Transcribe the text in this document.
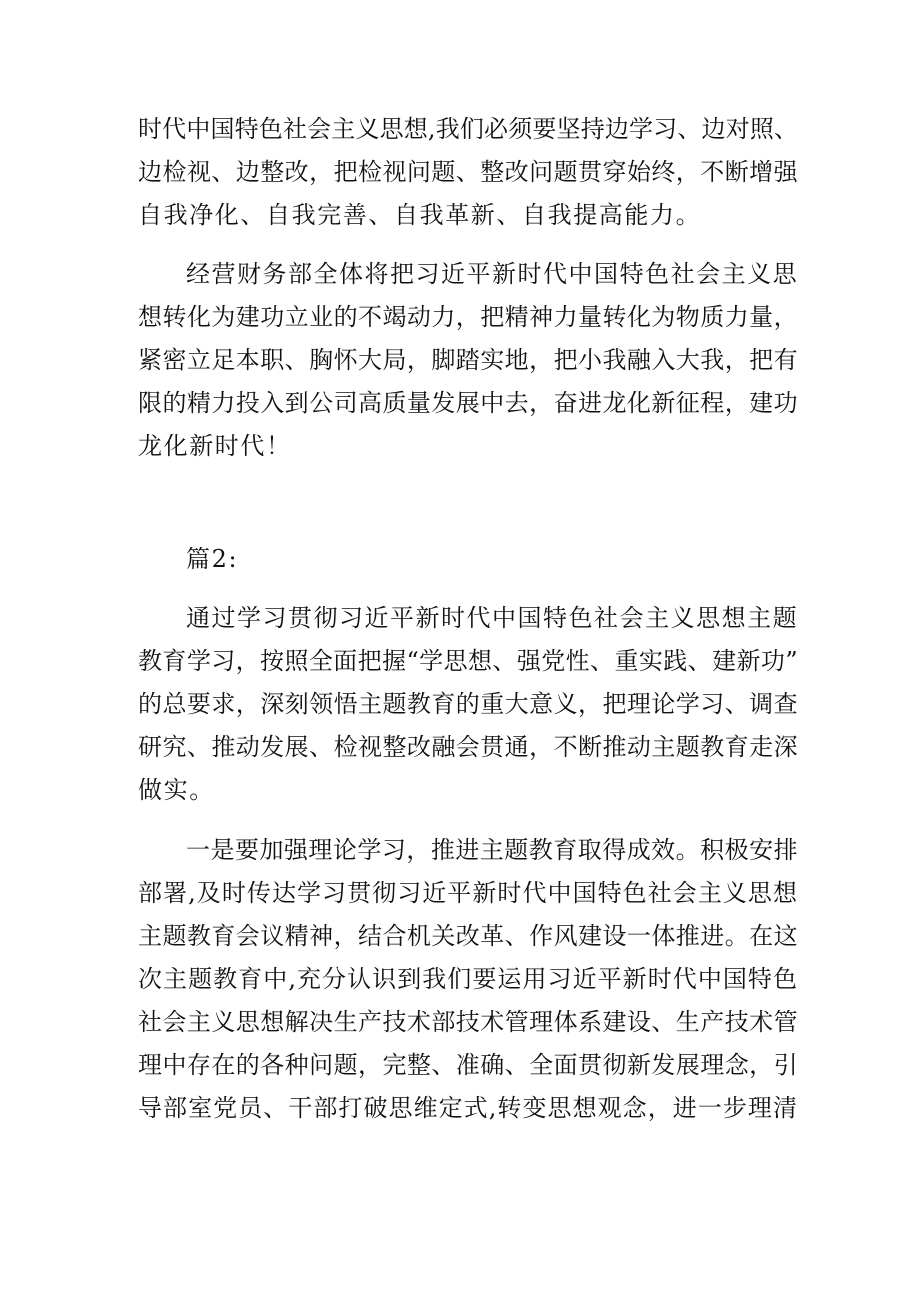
时代中国特色社会主义思想,我们必须要坚持边学习、边对照、
边检视、边整改，把检视问题、整改问题贯穿始终，不断增强
自我净化、自我完善、自我革新、自我提高能力。
经营财务部全体将把习近平新时代中国特色社会主义思
想转化为建功立业的不竭动力，把精神力量转化为物质力量，
紧密立足本职、胸怀大局，脚踏实地，把小我融入大我，把有
限的精力投入到公司高质量发展中去，奋进龙化新征程，建功
龙化新时代！
篇2:
通过学习贯彻习近平新时代中国特色社会主义思想主题
教育学习，按照全面把握“学思想、强党性、重实践、建新功”
的总要求，深刻领悟主题教育的重大意义，把理论学习、调查
研究、推动发展、检视整改融会贯通，不断推动主题教育走深
做实。
一是要加强理论学习，推进主题教育取得成效。积极安排
部署,及时传达学习贯彻习近平新时代中国特色社会主义思想
主题教育会议精神，结合机关改革、作风建设一体推进。在这
次主题教育中,充分认识到我们要运用习近平新时代中国特色
社会主义思想解决生产技术部技术管理体系建设、生产技术管
理中存在的各种问题，完整、准确、全面贯彻新发展理念，引
导部室党员、干部打破思维定式,转变思想观念，进一步理清
